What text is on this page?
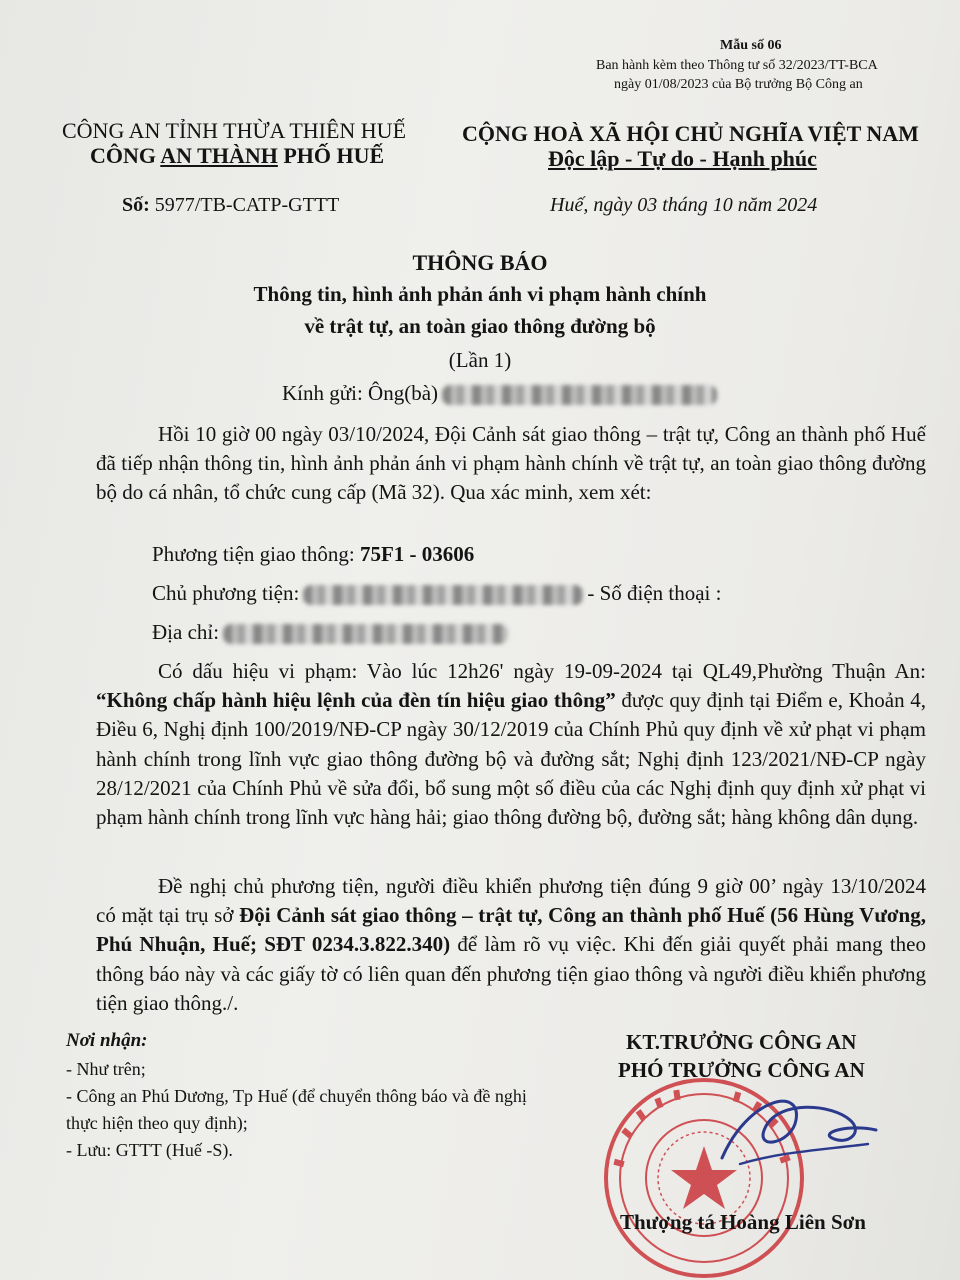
Mẫu số 06
Ban hành kèm theo Thông tư số 32/2023/TT-BCA
ngày 01/08/2023 của Bộ trưởng Bộ Công an
CÔNG AN TỈNH THỪA THIÊN HUẾ
CÔNG AN THÀNH PHỐ HUẾ
CỘNG HOÀ XÃ HỘI CHỦ NGHĨA VIỆT NAM
Độc lập - Tự do - Hạnh phúc
Số: 5977/TB-CATP-GTTT	Huế, ngày 03 tháng 10 năm 2024
THÔNG BÁO
Thông tin, hình ảnh phản ánh vi phạm hành chính
về trật tự, an toàn giao thông đường bộ
(Lần 1)
Kính gửi: Ông(bà)

Hồi 10 giờ 00 ngày 03/10/2024, Đội Cảnh sát giao thông – trật tự, Công an thành phố Huế đã tiếp nhận thông tin, hình ảnh phản ánh vi phạm hành chính về trật tự, an toàn giao thông đường bộ do cá nhân, tổ chức cung cấp (Mã 32). Qua xác minh, xem xét:

Phương tiện giao thông: 75F1 - 03606
Chủ phương tiện:	- Số điện thoại :
Địa chỉ:

Có dấu hiệu vi phạm: Vào lúc 12h26' ngày 19-09-2024 tại QL49,Phường Thuận An: “Không chấp hành hiệu lệnh của đèn tín hiệu giao thông” được quy định tại Điểm e, Khoản 4, Điều 6, Nghị định 100/2019/NĐ-CP ngày 30/12/2019 của Chính Phủ quy định về xử phạt vi phạm hành chính trong lĩnh vực giao thông đường bộ và đường sắt; Nghị định 123/2021/NĐ-CP ngày 28/12/2021 của Chính Phủ về sửa đổi, bổ sung một số điều của các Nghị định quy định xử phạt vi phạm hành chính trong lĩnh vực hàng hải; giao thông đường bộ, đường sắt; hàng không dân dụng.

Đề nghị chủ phương tiện, người điều khiển phương tiện đúng 9 giờ 00’ ngày 13/10/2024 có mặt tại trụ sở Đội Cảnh sát giao thông – trật tự, Công an thành phố Huế (56 Hùng Vương, Phú Nhuận, Huế; SĐT 0234.3.822.340) để làm rõ vụ việc. Khi đến giải quyết phải mang theo thông báo này và các giấy tờ có liên quan đến phương tiện giao thông và người điều khiển phương tiện giao thông./.

Nơi nhận:
- Như trên;
- Công an Phú Dương, Tp Huế (để chuyển thông báo và đề nghị thực hiện theo quy định);
- Lưu: GTTT (Huế -S).
KT.TRƯỞNG CÔNG AN
PHÓ TRƯỞNG CÔNG AN
Thượng tá Hoàng Liên Sơn
